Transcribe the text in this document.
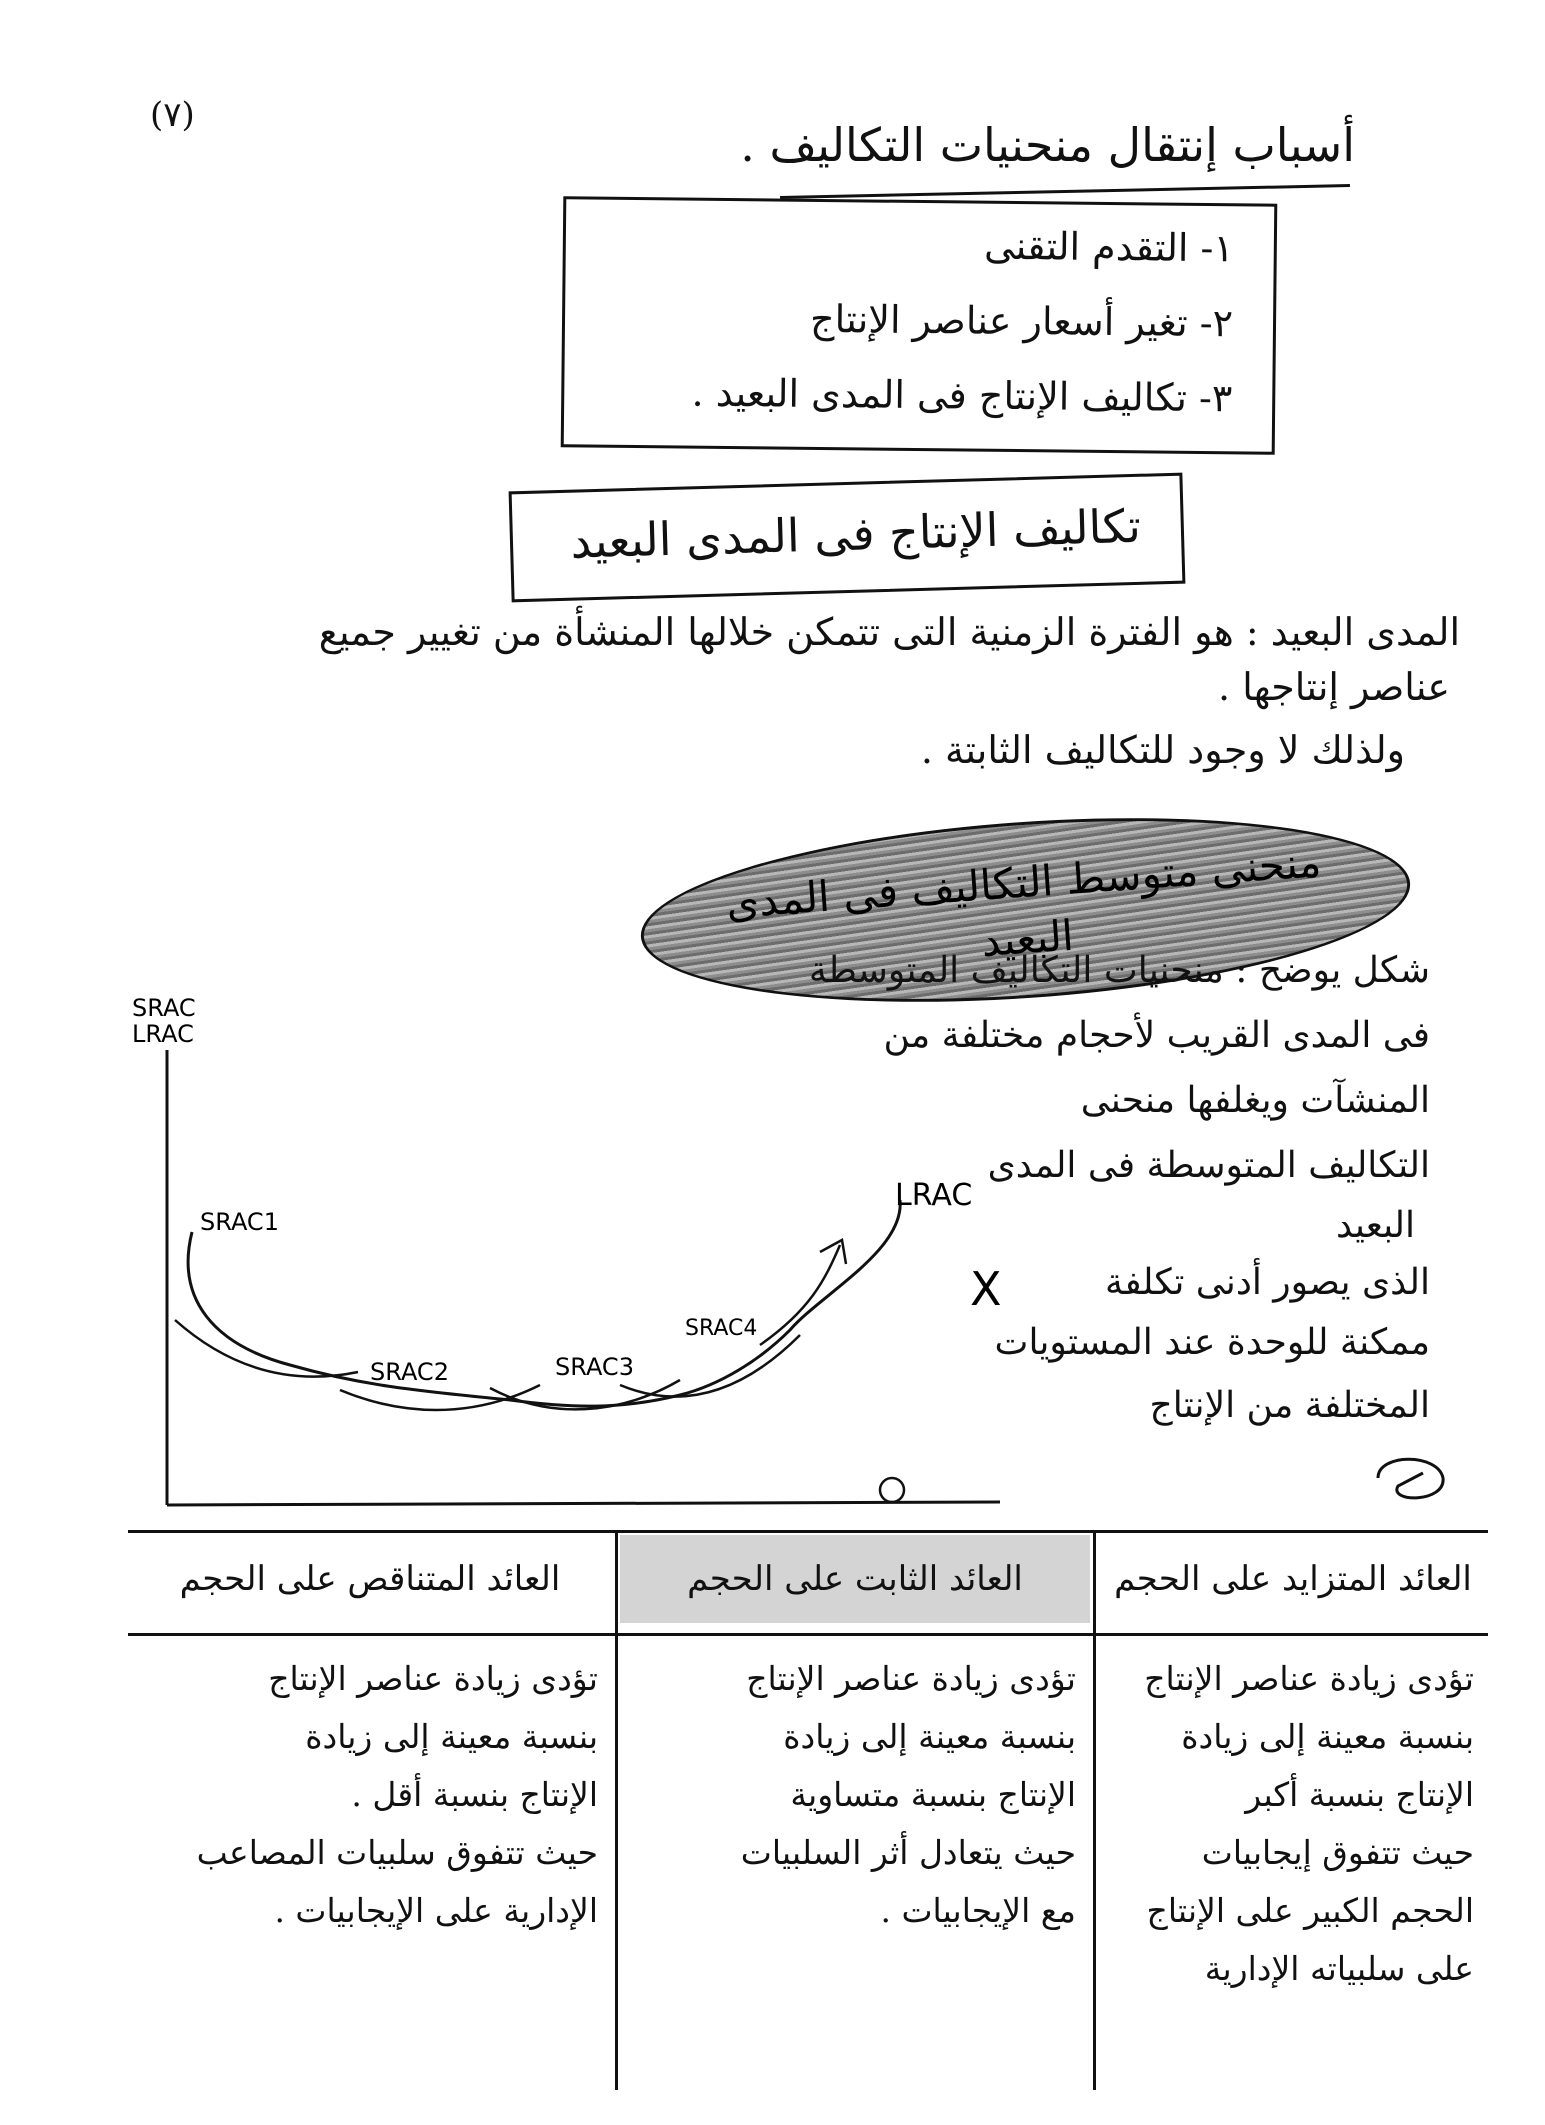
(٧)
أسباب إنتقال منحنيات التكاليف .
١- التقدم التقنى
٢- تغير أسعار عناصر الإنتاج
٣- تكاليف الإنتاج فى المدى البعيد .
تكاليف الإنتاج فى المدى البعيد
المدى البعيد : هو الفترة الزمنية التى تتمكن خلالها المنشأة من تغيير جميع
عناصر إنتاجها .
ولذلك لا وجود للتكاليف الثابتة .
منحنى متوسط التكاليف فى المدى البعيد
شكل يوضح : منحنيات التكاليف المتوسطة
فى المدى القريب لأحجام مختلفة من
المنشآت ويغلفها منحنى
التكاليف المتوسطة فى المدى
البعيد
الذى يصور أدنى تكلفة
ممكنة للوحدة عند المستويات
المختلفة من الإنتاج
SRAC
LRAC
SRAC1
SRAC2	SRAC3
SRAC4
LRAC
X
العائد المتزايد على الحجم
تؤدى زيادة عناصر الإنتاج
بنسبة معينة إلى زيادة
الإنتاج بنسبة أكبر
حيث تتفوق إيجابيات
الحجم الكبير على الإنتاج
على سلبياته الإدارية
العائد الثابت على الحجم
تؤدى زيادة عناصر الإنتاج
بنسبة معينة إلى زيادة
الإنتاج بنسبة متساوية
حيث يتعادل أثر السلبيات
مع الإيجابيات .
العائد المتناقص على الحجم
تؤدى زيادة عناصر الإنتاج
بنسبة معينة إلى زيادة
الإنتاج بنسبة أقل .
حيث تتفوق سلبيات المصاعب
الإدارية على الإيجابيات .
